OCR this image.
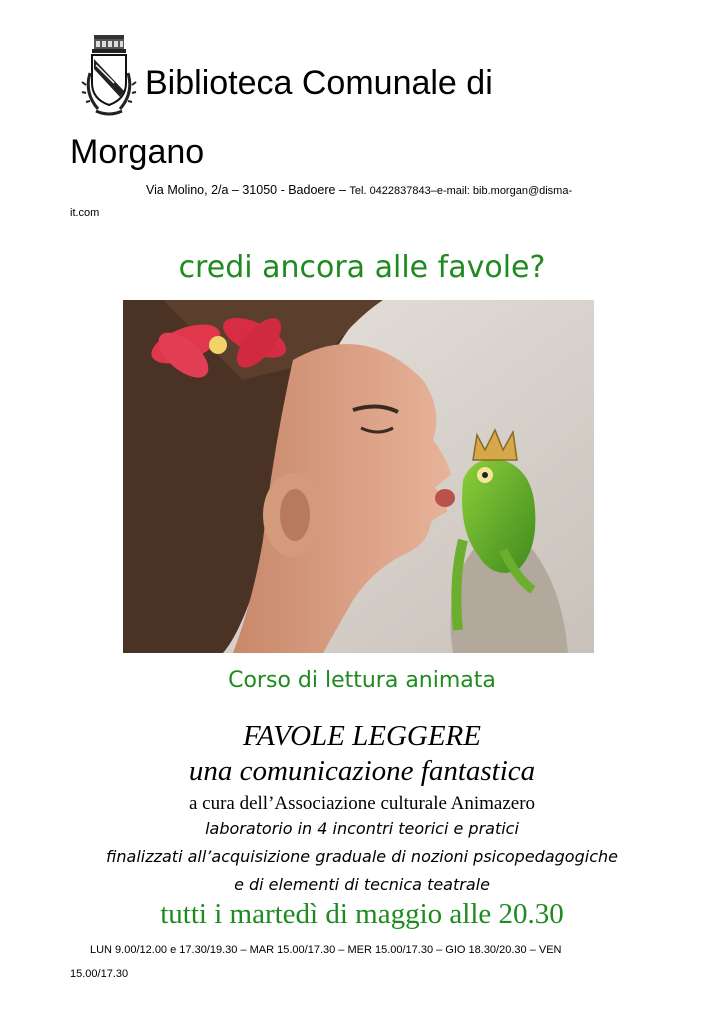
Biblioteca Comunale di
Morgano
Via Molino, 2/a – 31050 - Badoere – Tel. 0422837843–e-mail: bib.morgan@disma-
it.com
credi ancora alle favole?
Corso di lettura animata
FAVOLE LEGGERE
una comunicazione fantastica
a cura dell’Associazione culturale Animazero
laboratorio in 4 incontri teorici e pratici
finalizzati all’acquisizione graduale di nozioni psicopedagogiche
e di elementi di tecnica teatrale
tutti i martedì di maggio alle 20.30
LUN 9.00/12.00 e 17.30/19.30 – MAR 15.00/17.30 – MER 15.00/17.30 – GIO 18.30/20.30 – VEN
15.00/17.30
